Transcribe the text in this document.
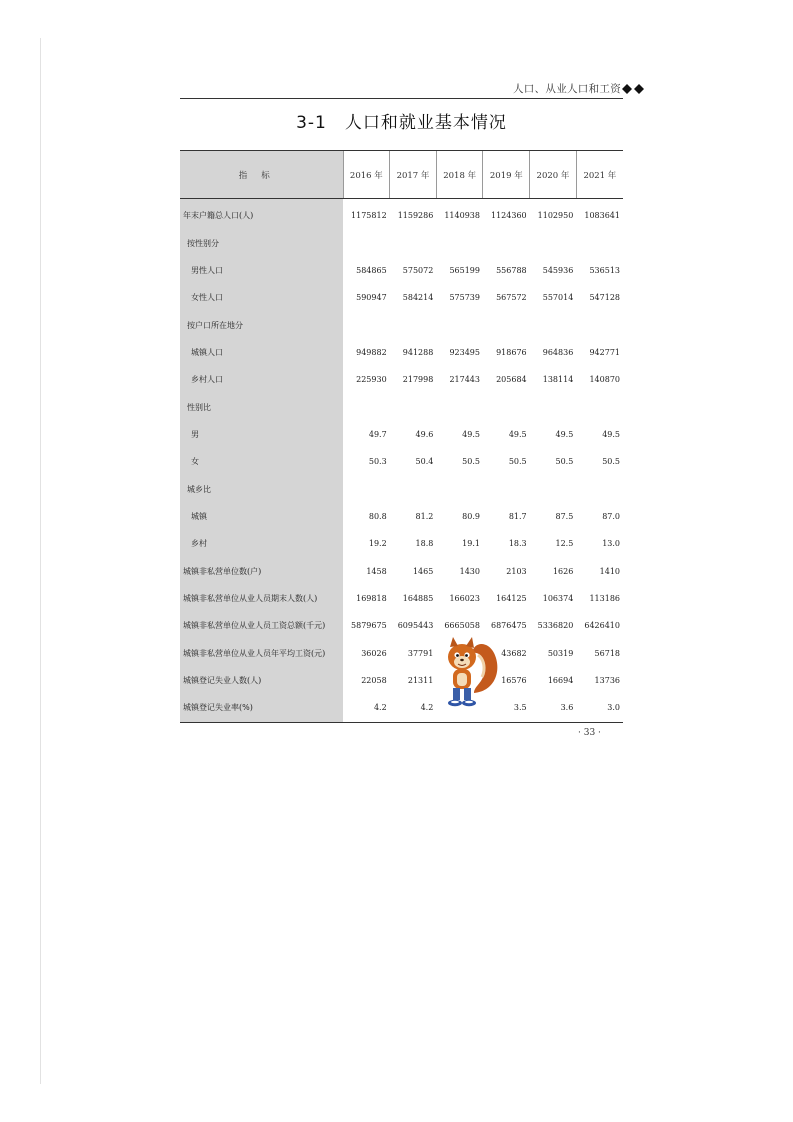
人口、从业人口和工资
3-1　人口和就业基本情况
指标	2016 年	2017 年	2018 年	2019 年	2020 年	2021 年
年末户籍总人口(人)	1175812	1159286	1140938	1124360	1102950	1083641
按性别分						
男性人口	584865	575072	565199	556788	545936	536513
女性人口	590947	584214	575739	567572	557014	547128
按户口所在地分						
城镇人口	949882	941288	923495	918676	964836	942771
乡村人口	225930	217998	217443	205684	138114	140870
性别比						
男	49.7	49.6	49.5	49.5	49.5	49.5
女	50.3	50.4	50.5	50.5	50.5	50.5
城乡比						
城镇	80.8	81.2	80.9	81.7	87.5	87.0
乡村	19.2	18.8	19.1	18.3	12.5	13.0
城镇非私营单位数(户)	1458	1465	1430	2103	1626	1410
城镇非私营单位从业人员期末人数(人)	169818	164885	166023	164125	106374	113186
城镇非私营单位从业人员工资总额(千元)	5879675	6095443	6665058	6876475	5336820	6426410
城镇非私营单位从业人员年平均工资(元)	36026	37791		43682	50319	56718
城镇登记失业人数(人)	22058	21311		16576	16694	13736
城镇登记失业率(%)	4.2	4.2		3.5	3.6	3.0
· 33 ·
